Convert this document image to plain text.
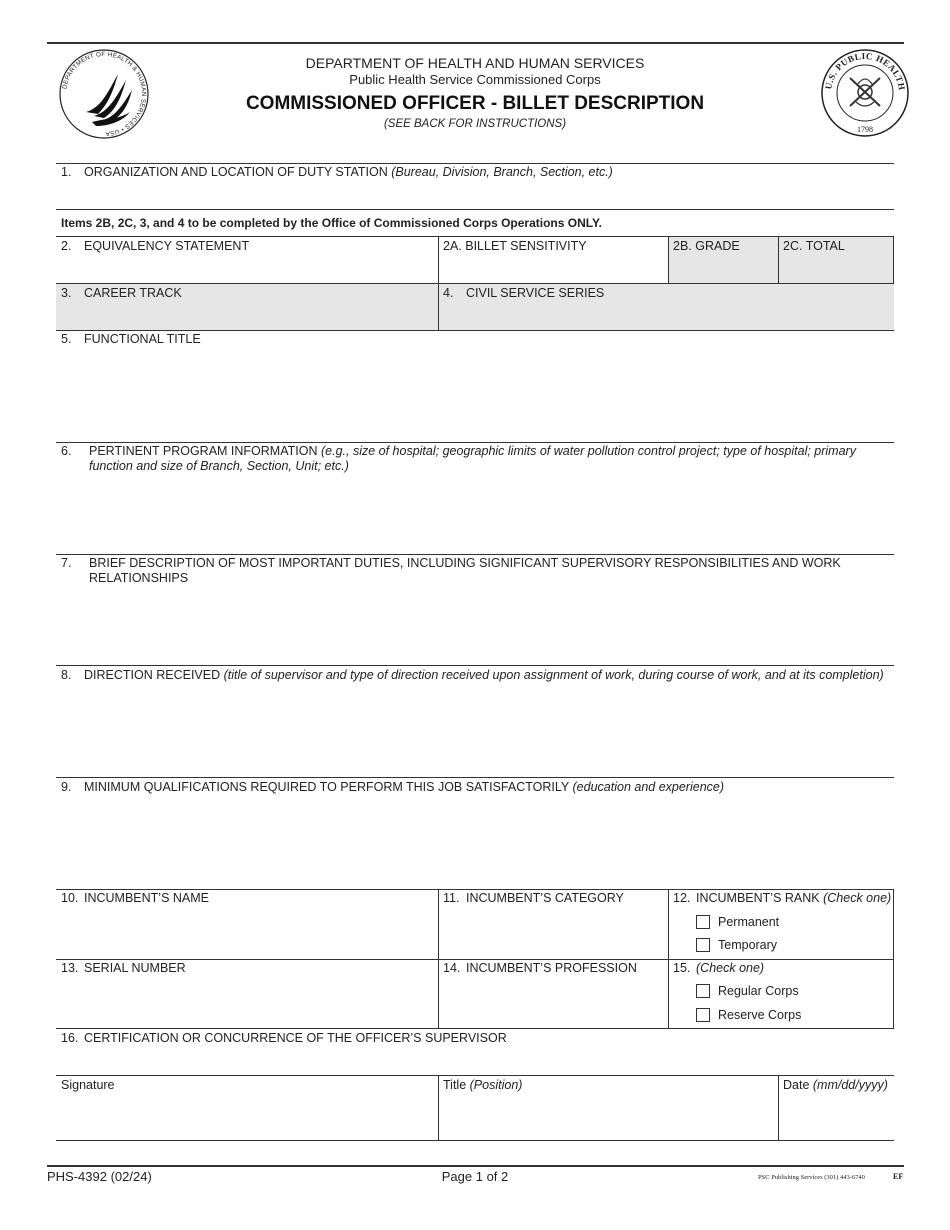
DEPARTMENT OF HEALTH & HUMAN SERVICES • USA
DEPARTMENT OF HEALTH AND HUMAN SERVICES
Public Health Service Commissioned Corps
COMMISSIONED OFFICER - BILLET DESCRIPTION
(SEE BACK FOR INSTRUCTIONS)
U.S. PUBLIC HEALTH
1798
1. ORGANIZATION AND LOCATION OF DUTY STATION (Bureau, Division, Branch, Section, etc.)
Items 2B, 2C, 3, and 4 to be completed by the Office of Commissioned Corps Operations ONLY.
2. EQUIVALENCY STATEMENT	2A. BILLET SENSITIVITY	2B. GRADE	2C. TOTAL
3. CAREER TRACK	4. CIVIL SERVICE SERIES
5. FUNCTIONAL TITLE
6. PERTINENT PROGRAM INFORMATION (e.g., size of hospital; geographic limits of water pollution control project; type of hospital; primary
function and size of Branch, Section, Unit; etc.)
7. BRIEF DESCRIPTION OF MOST IMPORTANT DUTIES, INCLUDING SIGNIFICANT SUPERVISORY RESPONSIBILITIES AND WORK
RELATIONSHIPS
8. DIRECTION RECEIVED (title of supervisor and type of direction received upon assignment of work, during course of work, and at its completion)
9. MINIMUM QUALIFICATIONS REQUIRED TO PERFORM THIS JOB SATISFACTORILY (education and experience)
10. INCUMBENT’S NAME	11. INCUMBENT’S CATEGORY	12. INCUMBENT’S RANK (Check one)
Permanent
Temporary
13. SERIAL NUMBER	14. INCUMBENT’S PROFESSION	15. (Check one)
Regular Corps
Reserve Corps
16. CERTIFICATION OR CONCURRENCE OF THE OFFICER’S SUPERVISOR
Signature	Title (Position)	Date (mm/dd/yyyy)
PHS-4392 (02/24)	Page 1 of 2	PSC Publishing Services (301) 443-6740	EF
